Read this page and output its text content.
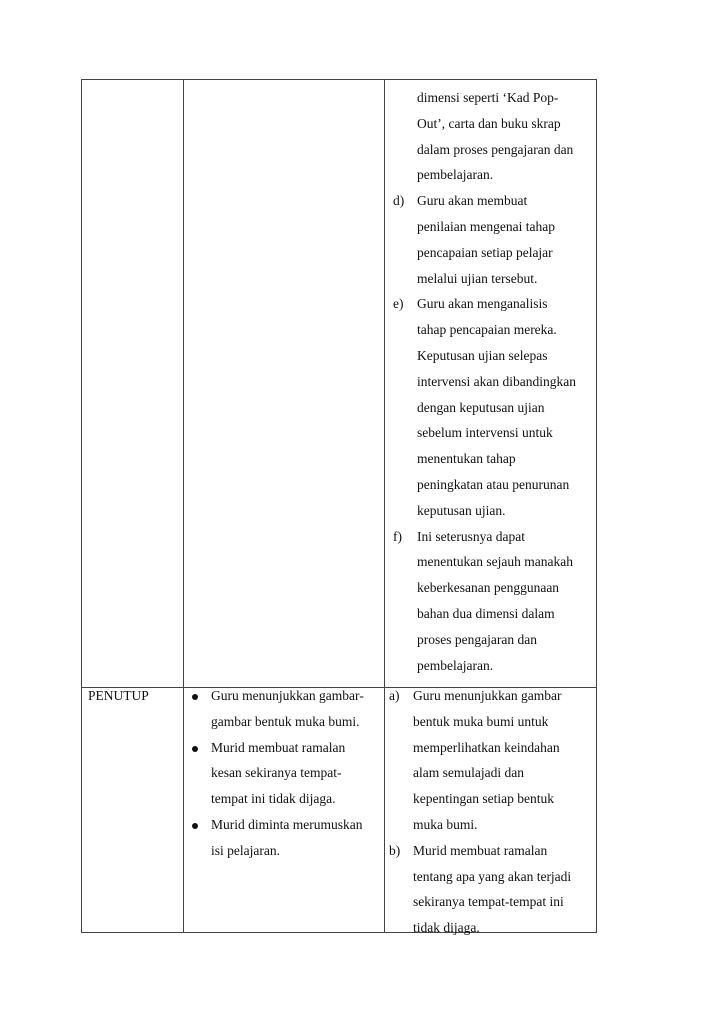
dimensi seperti ‘Kad Pop-
Out’, carta dan buku skrap
dalam proses pengajaran dan
pembelajaran.
d) Guru akan membuat
penilaian mengenai tahap
pencapaian setiap pelajar
melalui ujian tersebut.
e) Guru akan menganalisis
tahap pencapaian mereka.
Keputusan ujian selepas
intervensi akan dibandingkan
dengan keputusan ujian
sebelum intervensi untuk
menentukan tahap
peningkatan atau penurunan
keputusan ujian.
f) Ini seterusnya dapat
menentukan sejauh manakah
keberkesanan penggunaan
bahan dua dimensi dalam
proses pengajaran dan
pembelajaran.
PENUTUP	Guru menunjukkan gambar-
gambar bentuk muka bumi.
Murid membuat ramalan
kesan sekiranya tempat-
tempat ini tidak dijaga.
Murid diminta merumuskan
isi pelajaran.
a) Guru menunjukkan gambar
bentuk muka bumi untuk
memperlihatkan keindahan
alam semulajadi dan
kepentingan setiap bentuk
muka bumi.
b) Murid membuat ramalan
tentang apa yang akan terjadi
sekiranya tempat-tempat ini
tidak dijaga.
